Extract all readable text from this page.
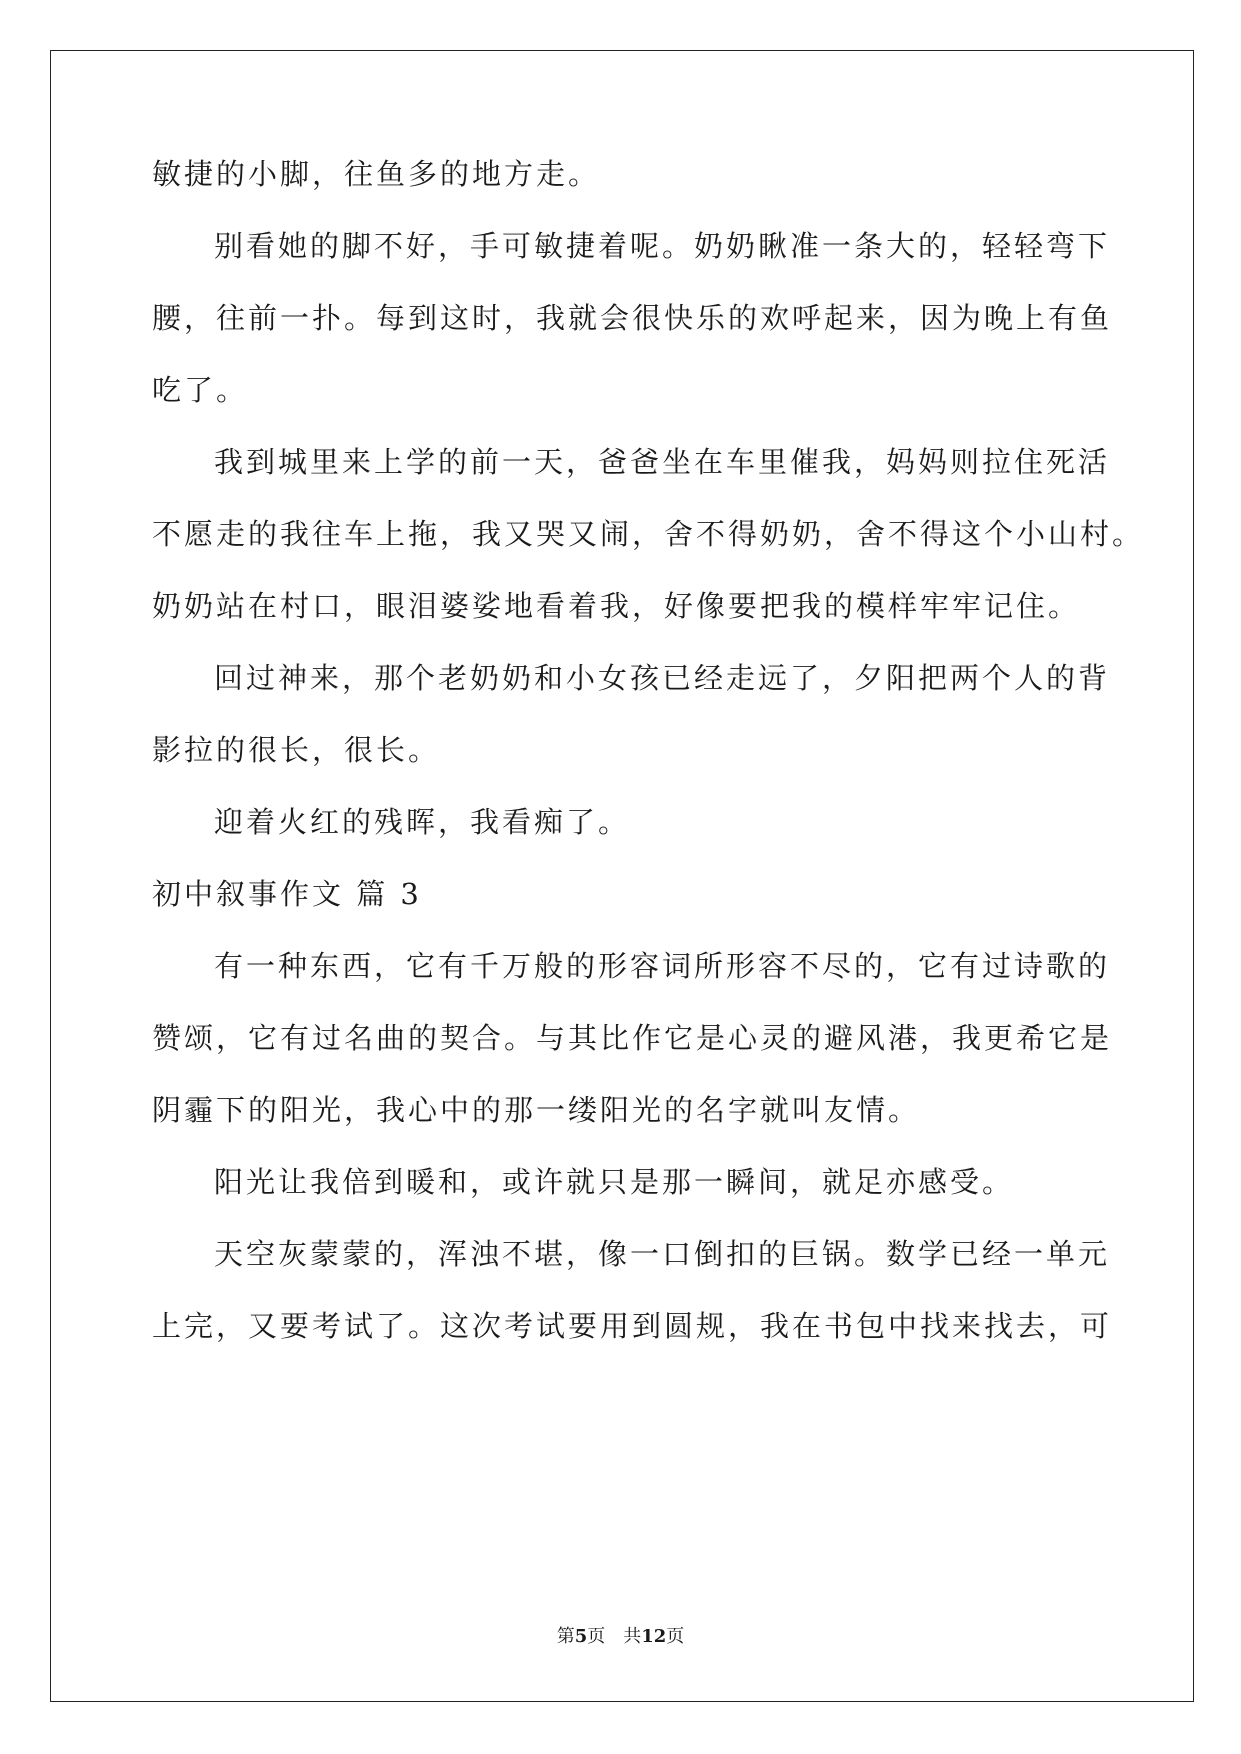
敏捷的小脚，往鱼多的地方走。
别看她的脚不好，手可敏捷着呢。奶奶瞅准一条大的，轻轻弯下
腰，往前一扑。每到这时，我就会很快乐的欢呼起来，因为晚上有鱼
吃了。
我到城里来上学的前一天，爸爸坐在车里催我，妈妈则拉住死活
不愿走的我往车上拖，我又哭又闹，舍不得奶奶，舍不得这个小山村。
奶奶站在村口，眼泪婆娑地看着我，好像要把我的模样牢牢记住。
回过神来，那个老奶奶和小女孩已经走远了，夕阳把两个人的背
影拉的很长，很长。
迎着火红的残晖，我看痴了。
初中叙事作文 篇 3
有一种东西，它有千万般的形容词所形容不尽的，它有过诗歌的
赞颂，它有过名曲的契合。与其比作它是心灵的避风港，我更希它是
阴霾下的阳光，我心中的那一缕阳光的名字就叫友情。
阳光让我倍到暖和，或许就只是那一瞬间，就足亦感受。
天空灰蒙蒙的，浑浊不堪，像一口倒扣的巨锅。数学已经一单元
上完，又要考试了。这次考试要用到圆规，我在书包中找来找去，可
第5页 共12页
